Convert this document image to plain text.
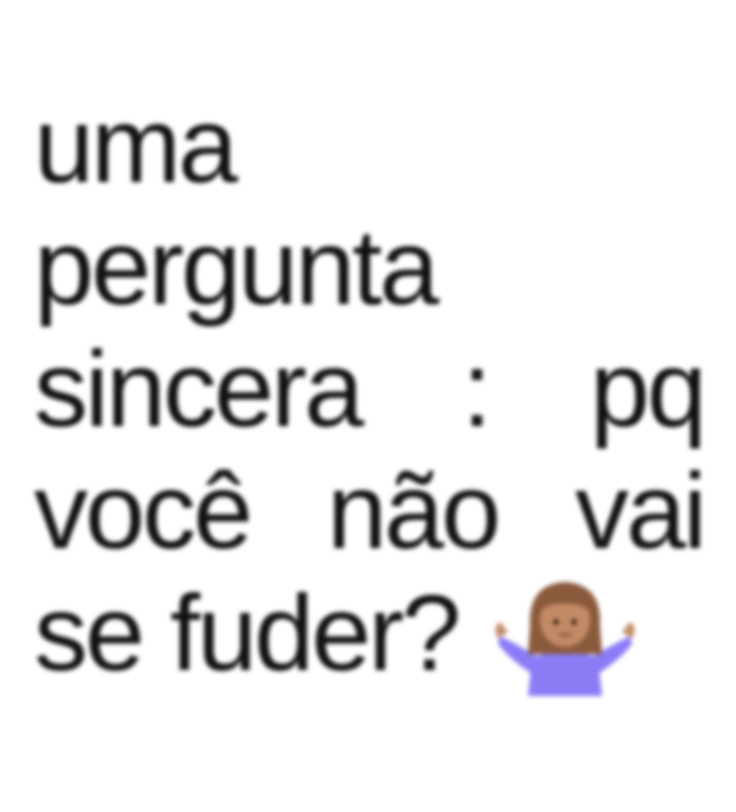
uma
pergunta
sincera : pq
você não vai
se fuder?
